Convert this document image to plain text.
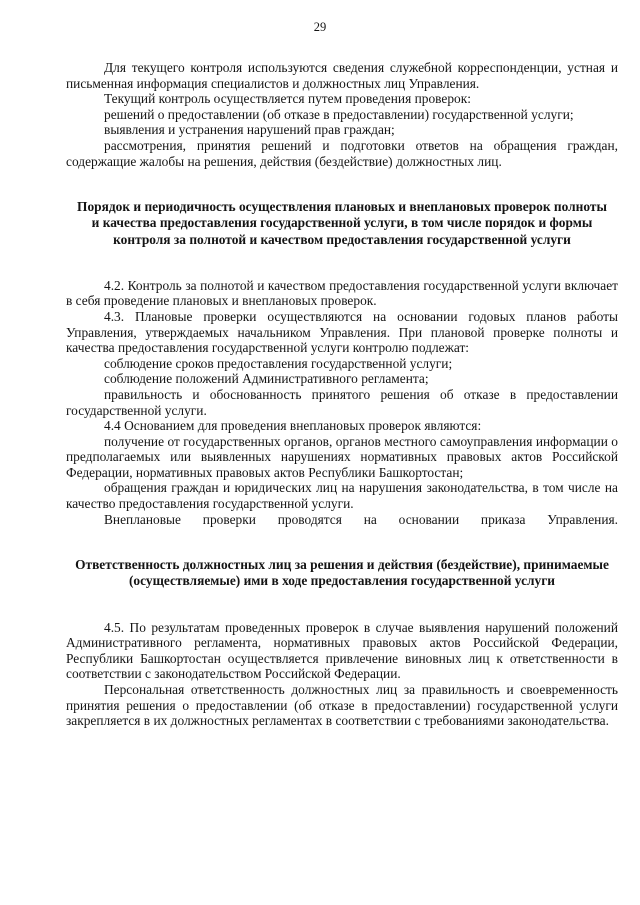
29

Для текущего контроля используются сведения служебной корреспонденции, устная и письменная информация специалистов и должностных лиц Управления.

Текущий контроль осуществляется путем проведения проверок:

решений о предоставлении (об отказе в предоставлении) государственной услуги;

выявления и устранения нарушений прав граждан;

рассмотрения, принятия решений и подготовки ответов на обращения граждан, содержащие жалобы на решения, действия (бездействие) должностных лиц.

Порядок и периодичность осуществления плановых и внеплановых проверок полноты и качества предоставления государственной услуги, в том числе порядок и формы контроля за полнотой и качеством предоставления государственной услуги

4.2. Контроль за полнотой и качеством предоставления государственной услуги включает в себя проведение плановых и внеплановых проверок.

4.3. Плановые проверки осуществляются на основании годовых планов работы Управления, утверждаемых начальником Управления. При плановой проверке полноты и качества предоставления государственной услуги контролю подлежат:

соблюдение сроков предоставления государственной услуги;

соблюдение положений Административного регламента;

правильность и обоснованность принятого решения об отказе в предоставлении государственной услуги.

4.4 Основанием для проведения внеплановых проверок являются:

получение от государственных органов, органов местного самоуправления информации о предполагаемых или выявленных нарушениях нормативных правовых актов Российской Федерации, нормативных правовых актов Республики Башкортостан;

обращения граждан и юридических лиц на нарушения законодательства, в том числе на качество предоставления государственной услуги.

Внеплановые проверки проводятся на основании приказа Управления.

Ответственность должностных лиц за решения и действия (бездействие), принимаемые (осуществляемые) ими в ходе предоставления государственной услуги

4.5. По результатам проведенных проверок в случае выявления нарушений положений Административного регламента, нормативных правовых актов Российской Федерации, Республики Башкортостан осуществляется привлечение виновных лиц к ответственности в соответствии с законодательством Российской Федерации.

Персональная ответственность должностных лиц за правильность и своевременность принятия решения о предоставлении (об отказе в предоставлении) государственной услуги закрепляется в их должностных регламентах в соответствии с требованиями законодательства.
